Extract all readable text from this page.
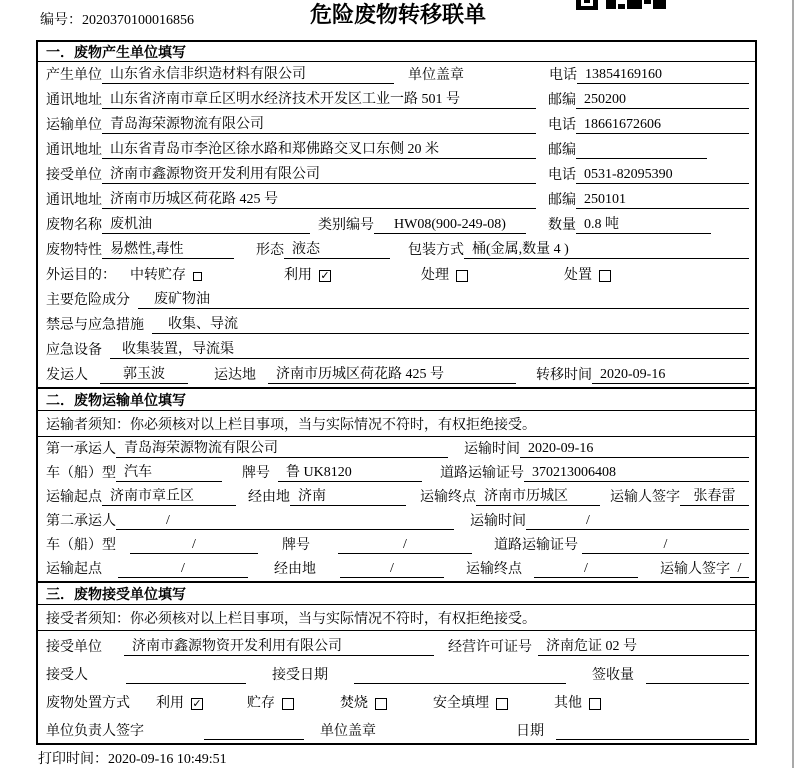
编号：2020370100016856	危险废物转移联单
一．废物产生单位填写
产生单位 山东省永信非织造材料有限公司	单位盖章	电话 13854169160
通讯地址 山东省济南市章丘区明水经济技术开发区工业一路 501 号	邮编 250200
运输单位 青岛海荣源物流有限公司	电话 18661672606
通讯地址 山东省青岛市李沧区徐水路和郑佛路交叉口东侧 20 米	邮编
接受单位 济南市鑫源物资开发利用有限公司	电话 0531-82095390
通讯地址 济南市历城区荷花路 425 号	邮编 250101
废物名称 废机油	类别编号	HW08(900-249-08)	数量 0.8 吨
废物特性 易燃性,毒性	形态 液态	包装方式 桶(金属,数量 4 )
外运目的： 中转贮存	利用 ✓	处理	处置
主要危险成分	废矿物油
禁忌与应急措施	收集、导流
应急设备	收集装置，导流渠
发运人	郭玉波	运达地	济南市历城区荷花路 425 号	转移时间 2020-09-16
二．废物运输单位填写
运输者须知：你必须核对以上栏目事项，当与实际情况不符时，有权拒绝接受。
第一承运人 青岛海荣源物流有限公司	运输时间 2020-09-16
车（船）型 汽车	牌号	鲁 UK8120	道路运输证号 370213006408
运输起点 济南市章丘区	经由地 济南	运输终点 济南市历城区	运输人签字 张春雷
第二承运人	/	运输时间	/
车（船）型	/	牌号	/	道路运输证号	/
运输起点	/	经由地	/	运输终点	/	运输人签字 /
三．废物接受单位填写
接受者须知：你必须核对以上栏目事项，当与实际情况不符时，有权拒绝接受。
接受单位	济南市鑫源物资开发利用有限公司	经营许可证号	济南危证 02 号
接受人	接受日期	签收量
废物处置方式 利用 ✓	贮存	焚烧	安全填埋	其他
单位负责人签字	单位盖章	日期
打印时间：2020-09-16 10:49:51
